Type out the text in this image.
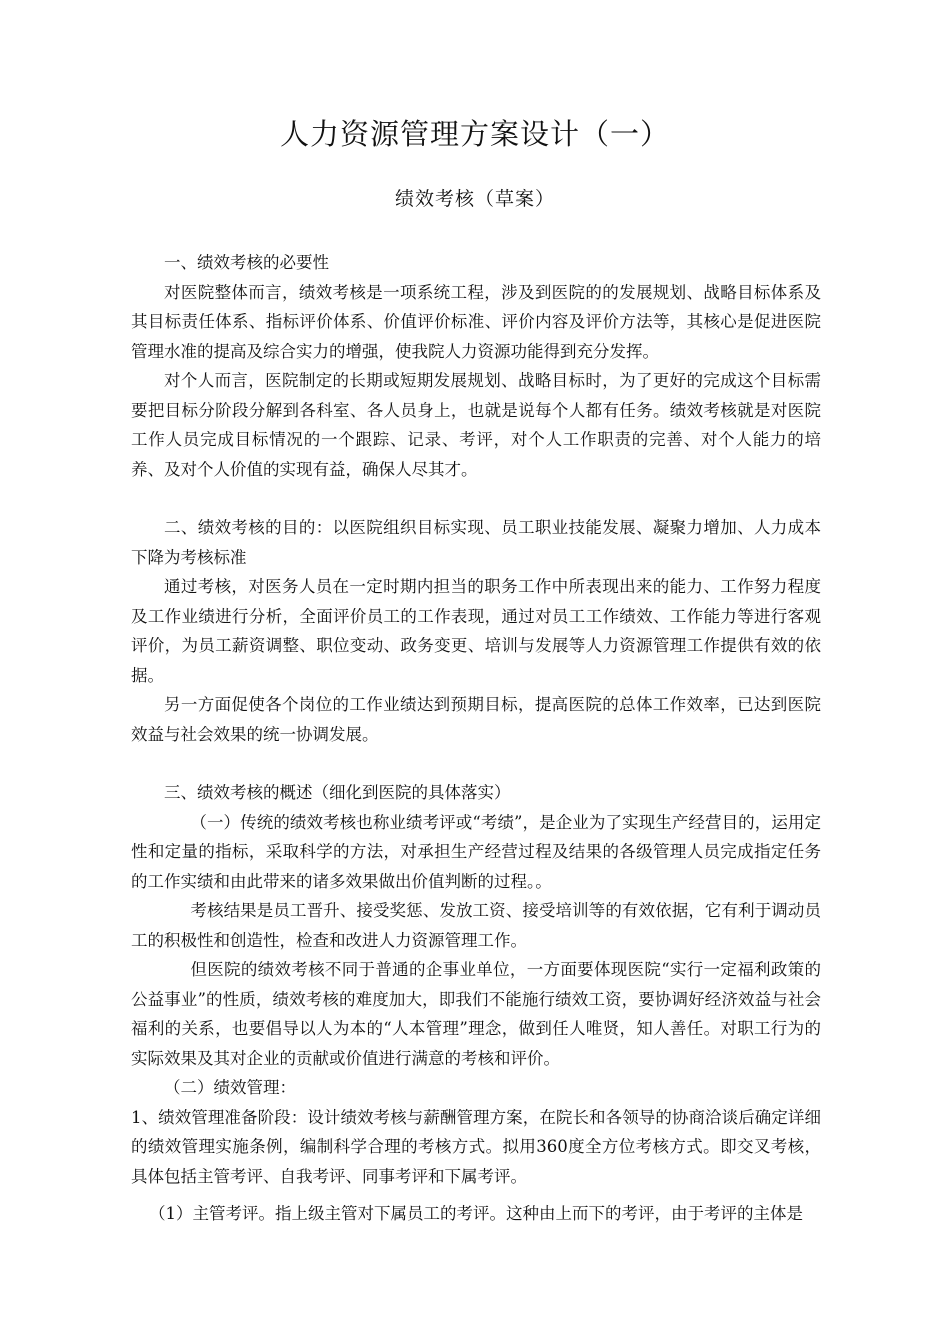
人力资源管理方案设计（一）
绩效考核（草案）

一、绩效考核的必要性

对医院整体而言，绩效考核是一项系统工程，涉及到医院的的发展规划、战略目标体系及其目标责任体系、指标评价体系、价值评价标准、评价内容及评价方法等，其核心是促进医院管理水准的提高及综合实力的增强，使我院人力资源功能得到充分发挥。

对个人而言，医院制定的长期或短期发展规划、战略目标时，为了更好的完成这个目标需要把目标分阶段分解到各科室、各人员身上，也就是说每个人都有任务。绩效考核就是对医院工作人员完成目标情况的一个跟踪、记录、考评，对个人工作职责的完善、对个人能力的培养、及对个人价值的实现有益，确保人尽其才。

二、绩效考核的目的：以医院组织目标实现、员工职业技能发展、凝聚力增加、人力成本下降为考核标准

通过考核，对医务人员在一定时期内担当的职务工作中所表现出来的能力、工作努力程度及工作业绩进行分析，全面评价员工的工作表现，通过对员工工作绩效、工作能力等进行客观评价，为员工薪资调整、职位变动、政务变更、培训与发展等人力资源管理工作提供有效的依据。

另一方面促使各个岗位的工作业绩达到预期目标，提高医院的总体工作效率，已达到医院效益与社会效果的统一协调发展。

三、绩效考核的概述（细化到医院的具体落实）

（一）传统的绩效考核也称业绩考评或“考绩”，是企业为了实现生产经营目的，运用定性和定量的指标，采取科学的方法，对承担生产经营过程及结果的各级管理人员完成指定任务的工作实绩和由此带来的诸多效果做出价值判断的过程。。

考核结果是员工晋升、接受奖惩、发放工资、接受培训等的有效依据，它有利于调动员工的积极性和创造性，检查和改进人力资源管理工作。

但医院的绩效考核不同于普通的企事业单位，一方面要体现医院“实行一定福利政策的公益事业”的性质，绩效考核的难度加大，即我们不能施行绩效工资，要协调好经济效益与社会福利的关系，也要倡导以人为本的“人本管理”理念，做到任人唯贤，知人善任。对职工行为的实际效果及其对企业的贡献或价值进行满意的考核和评价。

（二）绩效管理：

1、绩效管理准备阶段：设计绩效考核与薪酬管理方案，在院长和各领导的协商洽谈后确定详细的绩效管理实施条例，编制科学合理的考核方式。拟用360度全方位考核方式。即交叉考核，具体包括主管考评、自我考评、同事考评和下属考评。

（1）主管考评。指上级主管对下属员工的考评。这种由上而下的考评，由于考评的主体是
